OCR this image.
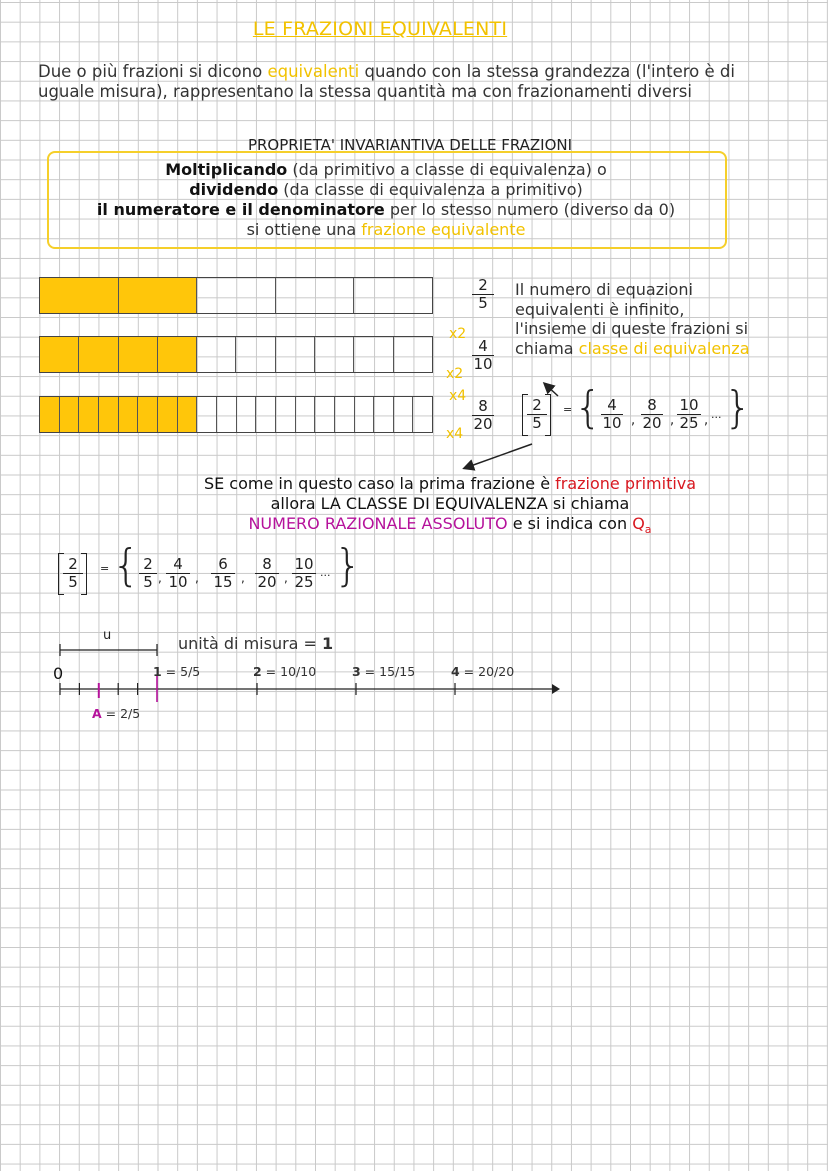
LE FRAZIONI EQUIVALENTI
Due o più frazioni si dicono equivalenti quando con la stessa grandezza (l'intero è di uguale misura), rappresentano la stessa quantità ma con frazionamenti diversi
PROPRIETA' INVARIANTIVA DELLE FRAZIONI
Moltiplicando (da primitivo a classe di equivalenza) o
dividendo (da classe di equivalenza a primitivo)
il numeratore e il denominatore per lo stesso numero (diverso da 0)
si ottiene una frazione equivalente
$\frac{2}{5}$
$\frac{4}{10}$
$\frac{8}{20}$
x2
x2
x4
x4
Il numero di equazioni equivalenti è infinito, l'insieme di queste frazioni si chiama classe di equivalenza
$\frac{2}{5}$ = { $\frac{4}{10}$ , $\frac{8}{20}$ , $\frac{10}{25}$ , ... }
SE come in questo caso la prima frazione è frazione primitiva
allora LA CLASSE DI EQUIVALENZA si chiama
NUMERO RAZIONALE ASSOLUTO e si indica con $Q_a$
$\frac{2}{5}$ = { $\frac{2}{5} \frac{4}{10} \frac{6}{15} \frac{8}{20} \frac{10}{25}$ ... }
,	,	,	,
u	unità di misura = 1
0	1 = 5/5	2 = 10/10	3 = 15/15	4 = 20/20
A = 2/5
